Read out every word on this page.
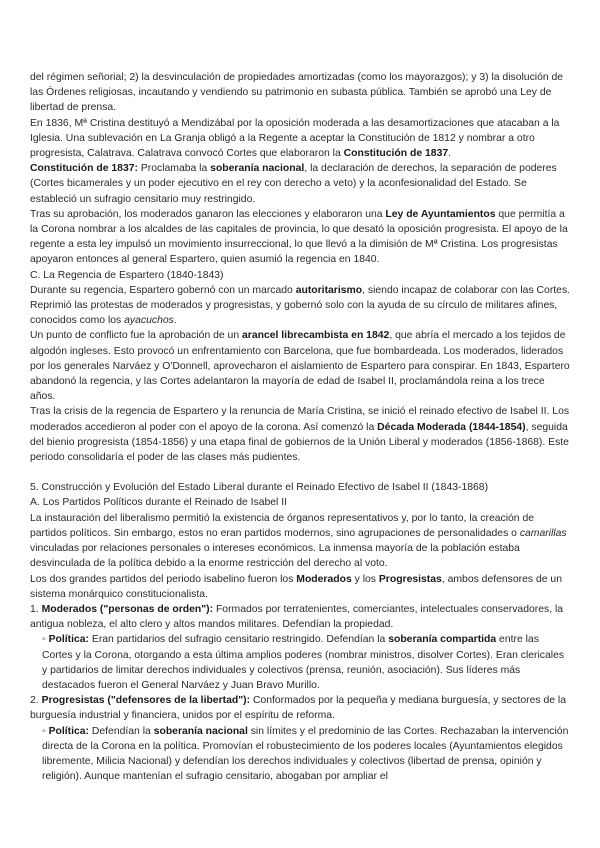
del régimen señorial; 2) la desvinculación de propiedades amortizadas (como los mayorazgos); y 3) la disolución de las Órdenes religiosas, incautando y vendiendo su patrimonio en subasta pública. También se aprobó una Ley de libertad de prensa.

En 1836, Mª Cristina destituyó a Mendizábal por la oposición moderada a las desamortizaciones que atacaban a la Iglesia. Una sublevación en La Granja obligó a la Regente a aceptar la Constitución de 1812 y nombrar a otro progresista, Calatrava. Calatrava convocó Cortes que elaboraron la Constitución de 1837.

Constitución de 1837: Proclamaba la soberanía nacional, la declaración de derechos, la separación de poderes (Cortes bicamerales y un poder ejecutivo en el rey con derecho a veto) y la aconfesionalidad del Estado. Se estableció un sufragio censitario muy restringido.

Tras su aprobación, los moderados ganaron las elecciones y elaboraron una Ley de Ayuntamientos que permitía a la Corona nombrar a los alcaldes de las capitales de provincia, lo que desató la oposición progresista. El apoyo de la regente a esta ley impulsó un movimiento insurreccional, lo que llevó a la dimisión de Mª Cristina. Los progresistas apoyaron entonces al general Espartero, quien asumió la regencia en 1840.

C. La Regencia de Espartero (1840-1843)

Durante su regencia, Espartero gobernó con un marcado autoritarismo, siendo incapaz de colaborar con las Cortes. Reprimió las protestas de moderados y progresistas, y gobernó solo con la ayuda de su círculo de militares afines, conocidos como los ayacuchos.

Un punto de conflicto fue la aprobación de un arancel librecambista en 1842, que abría el mercado a los tejidos de algodón ingleses. Esto provocó un enfrentamiento con Barcelona, que fue bombardeada. Los moderados, liderados por los generales Narváez y O'Donnell, aprovecharon el aislamiento de Espartero para conspirar. En 1843, Espartero abandonó la regencia, y las Cortes adelantaron la mayoría de edad de Isabel II, proclamándola reina a los trece años.

Tras la crisis de la regencia de Espartero y la renuncia de María Cristina, se inició el reinado efectivo de Isabel II. Los moderados accedieron al poder con el apoyo de la corona. Así comenzó la Década Moderada (1844-1854), seguida del bienio progresista (1854-1856) y una etapa final de gobiernos de la Unión Liberal y moderados (1856-1868). Este periodo consolidaría el poder de las clases más pudientes.

5. Construcción y Evolución del Estado Liberal durante el Reinado Efectivo de Isabel II (1843-1868)

A. Los Partidos Políticos durante el Reinado de Isabel II

La instauración del liberalismo permitió la existencia de órganos representativos y, por lo tanto, la creación de partidos políticos. Sin embargo, estos no eran partidos modernos, sino agrupaciones de personalidades o camarillas vinculadas por relaciones personales o intereses económicos. La inmensa mayoría de la población estaba desvinculada de la política debido a la enorme restricción del derecho al voto.

Los dos grandes partidos del periodo isabelino fueron los Moderados y los Progresistas, ambos defensores de un sistema monárquico constitucionalista.

1. Moderados ("personas de orden"): Formados por terratenientes, comerciantes, intelectuales conservadores, la antigua nobleza, el alto clero y altos mandos militares. Defendían la propiedad.

◦ Política: Eran partidarios del sufragio censitario restringido. Defendían la soberanía compartida entre las Cortes y la Corona, otorgando a esta última amplios poderes (nombrar ministros, disolver Cortes). Eran clericales y partidarios de limitar derechos individuales y colectivos (prensa, reunión, asociación). Sus líderes más destacados fueron el General Narváez y Juan Bravo Murillo.

2. Progresistas ("defensores de la libertad"): Conformados por la pequeña y mediana burguesía, y sectores de la burguesía industrial y financiera, unidos por el espíritu de reforma.

◦ Política: Defendían la soberanía nacional sin límites y el predominio de las Cortes. Rechazaban la intervención directa de la Corona en la política. Promovían el robustecimiento de los poderes locales (Ayuntamientos elegidos libremente, Milicia Nacional) y defendían los derechos individuales y colectivos (libertad de prensa, opinión y religión). Aunque mantenían el sufragio censitario, abogaban por ampliar el
